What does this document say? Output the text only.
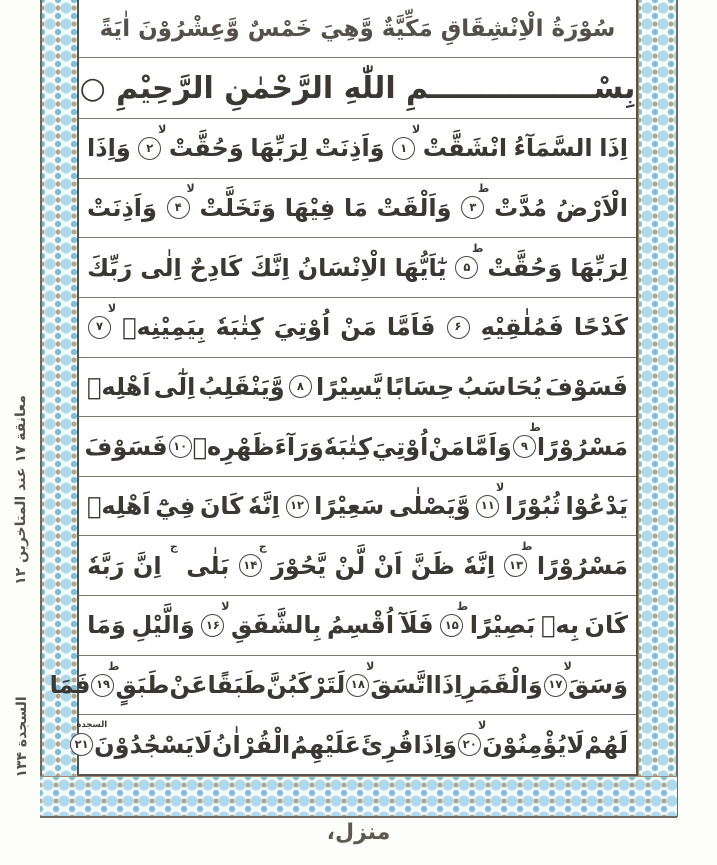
معانقة ۱۷ عند المتاخرین ۱۲
السجدة ۱۳۴
سُوْرَةُ الْاِنْشِقَاقِ مَكِّيَّةٌ وَّهِيَ خَمْسٌ وَّعِشْرُوْنَ اٰيَةً
بِسْــــــــــــــــمِ اللّٰهِ الرَّحْمٰنِ الرَّحِيْمِ ○
اِذَا
السَّمَآءُ
انْشَقَّتْ
۱
لا
وَاَذِنَتْ
لِرَبِّهَا
وَحُقَّتْ
۲
لا
وَاِذَا
الْاَرْضُ
مُدَّتْ
۳
ط
وَاَلْقَتْ
مَا
فِيْهَا
وَتَخَلَّتْ
۴
لا
وَاَذِنَتْ
لِرَبِّهَا
وَحُقَّتْ
۵
ط
يٰٓاَيُّهَا
الْاِنْسَانُ
اِنَّكَ
كَادِحٌ
اِلٰى
رَبِّكَ
كَدْحًا
فَمُلٰقِيْهِ
۶
فَاَمَّا
مَنْ
اُوْتِيَ
كِتٰبَهٗ
بِيَمِيْنِهٖ
۷
لا
فَسَوْفَ
يُحَاسَبُ
حِسَابًا
يَّسِيْرًا
۸
وَّيَنْقَلِبُ
اِلٰٓى
اَهْلِهٖ
مَسْرُوْرًا
۹
ط
وَاَمَّا
مَنْ
اُوْتِيَ
كِتٰبَهٗ
وَرَآءَ
ظَهْرِهٖ
۱۰
فَسَوْفَ
يَدْعُوْا
ثُبُوْرًا
۱۱
لا
وَّيَصْلٰى
سَعِيْرًا
۱۲
اِنَّهٗ
كَانَ
فِيْٓ
اَهْلِهٖ
مَسْرُوْرًا
۱۳
ط
اِنَّهٗ
ظَنَّ
اَنْ
لَّنْ
يَّحُوْرَ
۱۴
ج
بَلٰى
ج
اِنَّ
رَبَّهٗ
كَانَ
بِهٖ
بَصِيْرًا
۱۵
ط
فَلَآ
اُقْسِمُ
بِالشَّفَقِ
۱۶
لا
وَالَّيْلِ
وَمَا
وَسَقَ
۱۷
لا
وَالْقَمَرِ
اِذَا
اتَّسَقَ
۱۸
لا
لَتَرْكَبُنَّ
طَبَقًا
عَنْ
طَبَقٍ
۱۹
ط
فَمَا
لَهُمْ
لَا
يُؤْمِنُوْنَ
۲۰
لا
وَاِذَا
قُرِئَ
عَلَيْهِمُ
الْقُرْاٰنُ
لَا
يَسْجُدُوْنَ
۲۱
السجدة
منزل،
